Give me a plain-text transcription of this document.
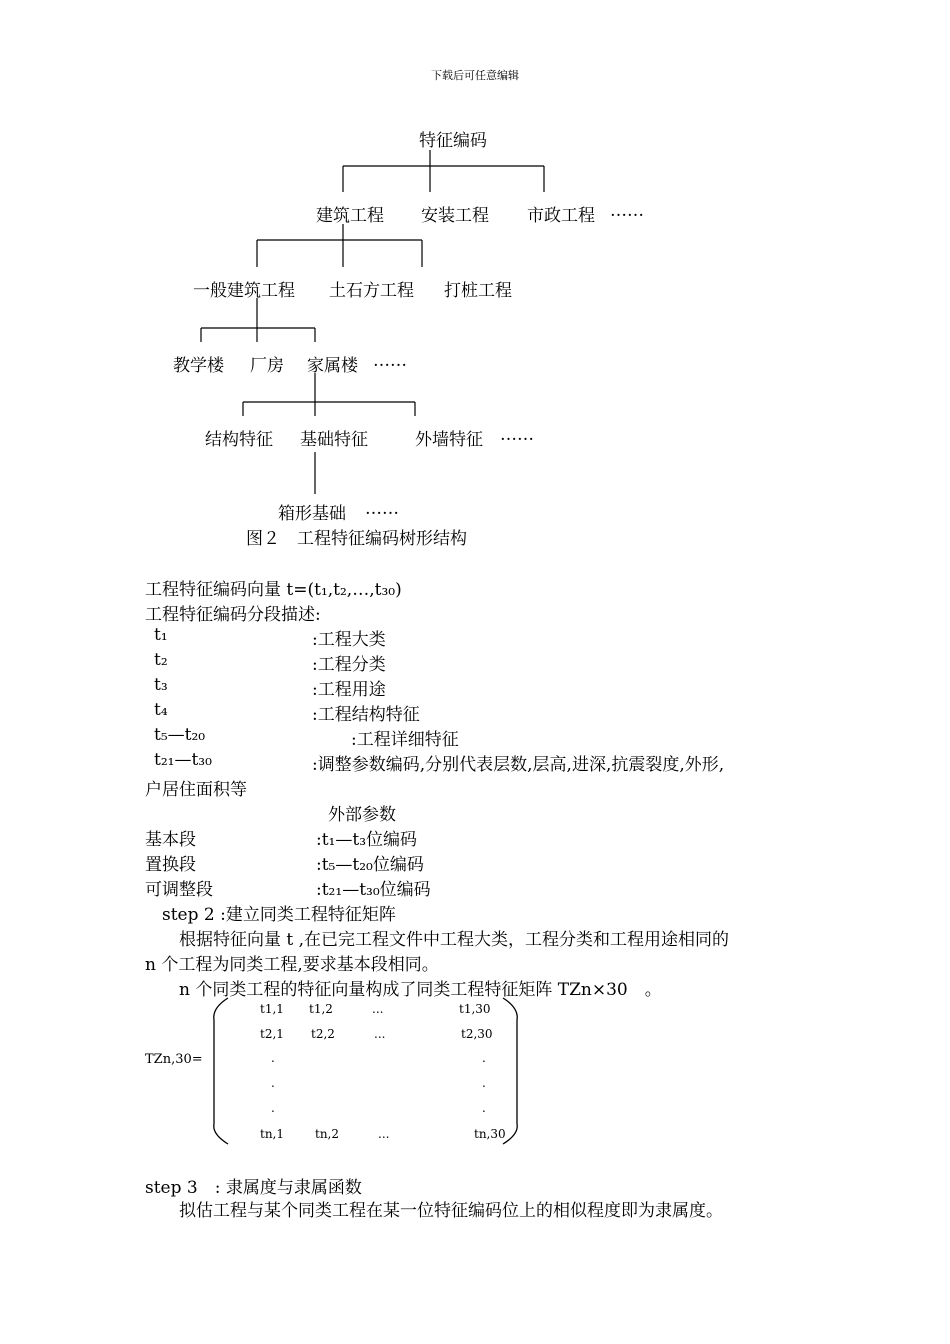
下载后可任意编辑
特征编码
建筑工程 安装工程 市政工程 ……
一般建筑工程 土石方工程 打桩工程
教学楼 厂房 家属楼 ……
结构特征 基础特征	外墙特征 ……
箱形基础 ……
图２　工程特征编码树形结构
工程特征编码向量 t=(t₁,t₂,…,t₃₀)
工程特征编码分段描述:
t₁	:工程大类
t₂	:工程分类
t₃	:工程用途
t₄	:工程结构特征
t₅—t₂₀	:工程详细特征
t₂₁—t₃₀	:调整参数编码,分别代表层数,层高,进深,抗震裂度,外形,
户居住面积等
外部参数
基本段	:t₁—t₃位编码
置换段	:t₅—t₂₀位编码
可调整段	:t₂₁—t₃₀位编码
step 2 :建立同类工程特征矩阵
根据特征向量 t ,在已完工程文件中工程大类，工程分类和工程用途相同的
n 个工程为同类工程,要求基本段相同。
n 个同类工程的特征向量构成了同类工程特征矩阵 TZn×30　。
TZn,30=
t1,1 t1,2	...	t1,30
t2,1 t2,2	...	t2,30
.	.
.	.
.	.
tn,1	tn,2	...	tn,30
step 3　: 隶属度与隶属函数
拟估工程与某个同类工程在某一位特征编码位上的相似程度即为隶属度。
